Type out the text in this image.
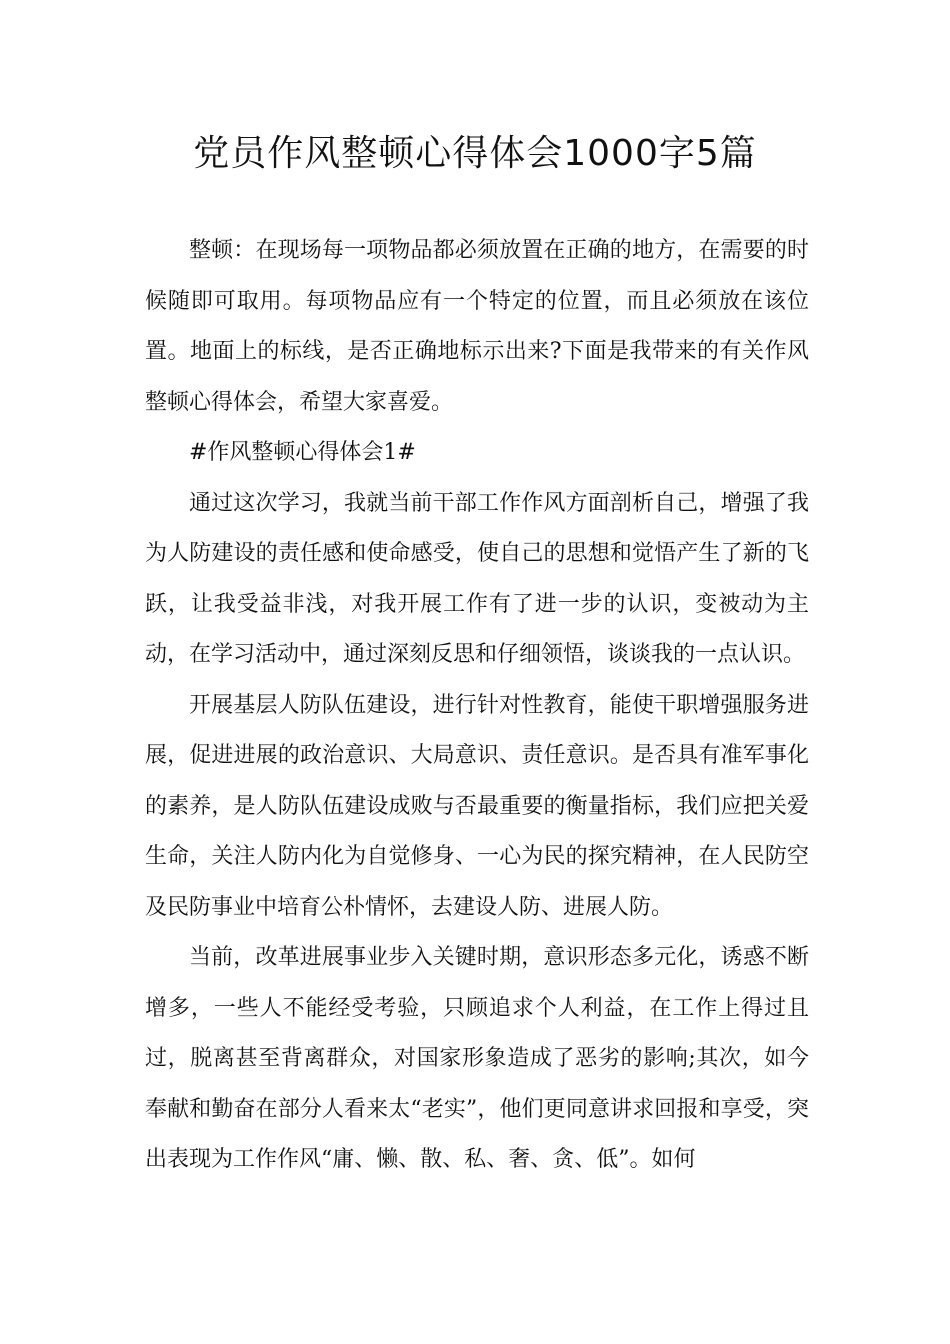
党员作风整顿心得体会1000字5篇

整顿：在现场每一项物品都必须放置在正确的地方，在需要的时候随即可取用。每项物品应有一个特定的位置，而且必须放在该位置。地面上的标线，是否正确地标示出来?下面是我带来的有关作风整顿心得体会，希望大家喜爱。

#作风整顿心得体会1#

通过这次学习，我就当前干部工作作风方面剖析自己，增强了我为人防建设的责任感和使命感受，使自己的思想和觉悟产生了新的飞跃，让我受益非浅，对我开展工作有了进一步的认识，变被动为主动，在学习活动中，通过深刻反思和仔细领悟，谈谈我的一点认识。

开展基层人防队伍建设，进行针对性教育，能使干职增强服务进展，促进进展的政治意识、大局意识、责任意识。是否具有准军事化的素养，是人防队伍建设成败与否最重要的衡量指标，我们应把关爱生命，关注人防内化为自觉修身、一心为民的探究精神，在人民防空及民防事业中培育公朴情怀，去建设人防、进展人防。

当前，改革进展事业步入关键时期，意识形态多元化，诱惑不断增多，一些人不能经受考验，只顾追求个人利益，在工作上得过且过，脱离甚至背离群众，对国家形象造成了恶劣的影响;其次，如今奉献和勤奋在部分人看来太“老实”，他们更同意讲求回报和享受，突出表现为工作作风“庸、懒、散、私、奢、贪、低”。如何
